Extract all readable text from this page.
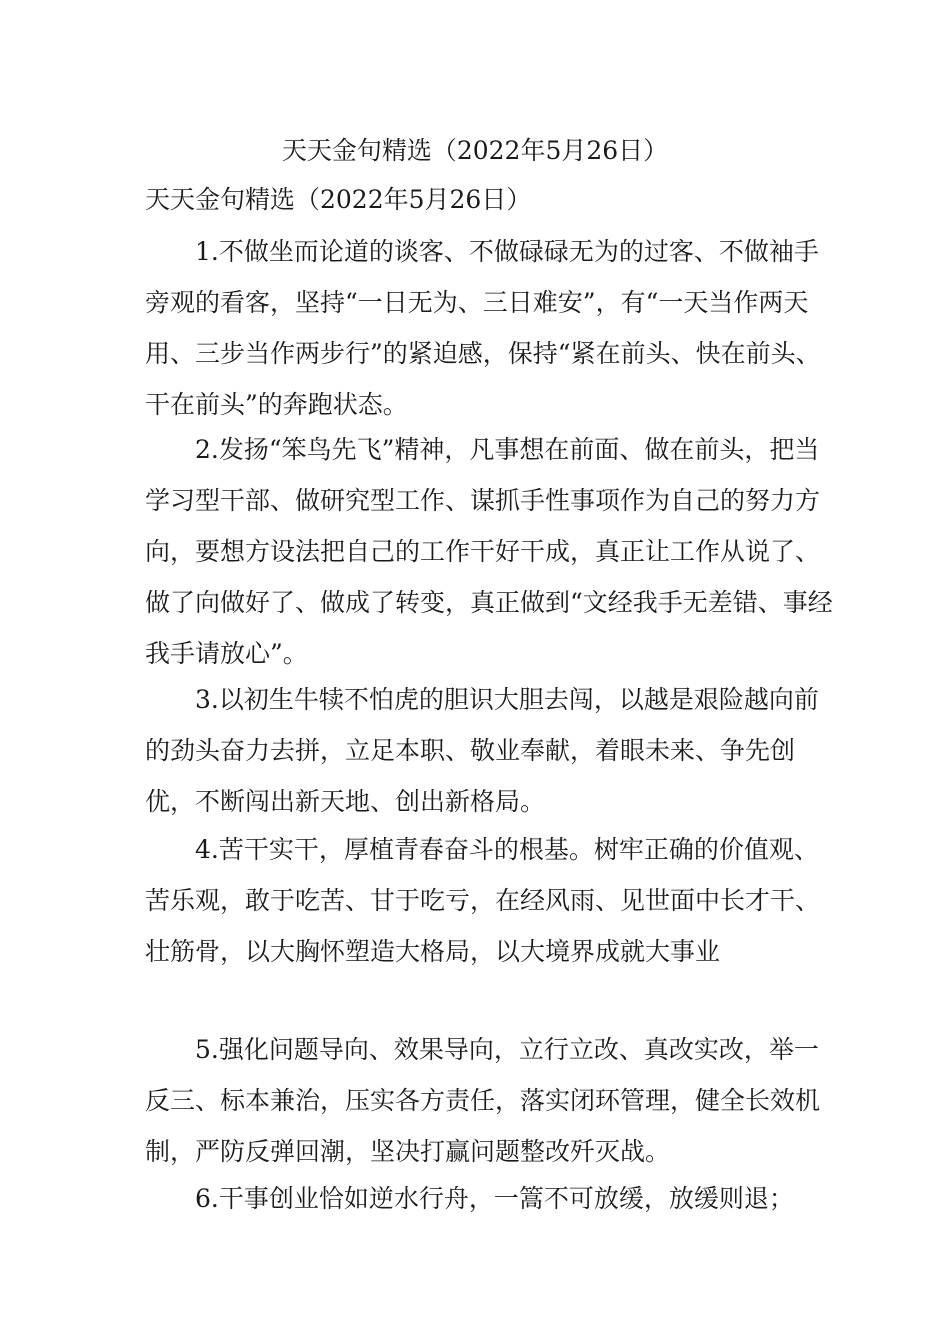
天天金句精选（2022年5月26日）
天天金句精选（2022年5月26日）

1.不做坐而论道的谈客、不做碌碌无为的过客、不做袖手旁观的看客，坚持“一日无为、三日难安”，有“一天当作两天用、三步当作两步行”的紧迫感，保持“紧在前头、快在前头、干在前头”的奔跑状态。

2.发扬“笨鸟先飞”精神，凡事想在前面、做在前头，把当学习型干部、做研究型工作、谋抓手性事项作为自己的努力方向，要想方设法把自己的工作干好干成，真正让工作从说了、做了向做好了、做成了转变，真正做到“文经我手无差错、事经我手请放心”。

3.以初生牛犊不怕虎的胆识大胆去闯，以越是艰险越向前的劲头奋力去拼，立足本职、敬业奉献，着眼未来、争先创优，不断闯出新天地、创出新格局。

4.苦干实干，厚植青春奋斗的根基。树牢正确的价值观、苦乐观，敢于吃苦、甘于吃亏，在经风雨、见世面中长才干、壮筋骨，以大胸怀塑造大格局，以大境界成就大事业

5.强化问题导向、效果导向，立行立改、真改实改，举一反三、标本兼治，压实各方责任，落实闭环管理，健全长效机制，严防反弹回潮，坚决打赢问题整改歼灭战。

6.干事创业恰如逆水行舟，一篙不可放缓，放缓则退；
